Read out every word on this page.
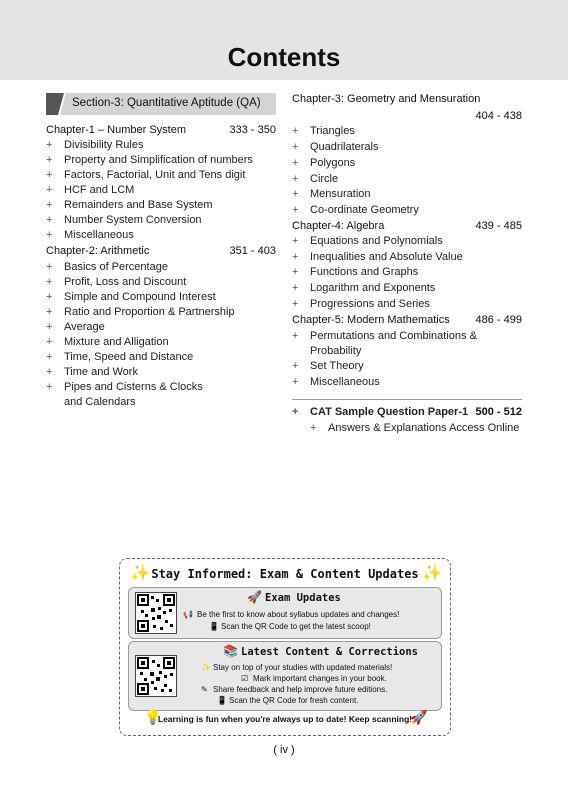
Contents
Section-3: Quantitative Aptitude (QA)
Chapter-1 – Number System	333 - 350
+ Divisibility Rules
+ Property and Simplification of numbers
+ Factors, Factorial, Unit and Tens digit
+ HCF and LCM
+ Remainders and Base System
+ Number System Conversion
+ Miscellaneous
Chapter-2: Arithmetic	351 - 403
+ Basics of Percentage
+ Profit, Loss and Discount
+ Simple and Compound Interest
+ Ratio and Proportion & Partnership
+ Average
+ Mixture and Alligation
+ Time, Speed and Distance
+ Time and Work
+ Pipes and Cisterns & Clocks
and Calendars
Chapter-3: Geometry and Mensuration
404 - 438
+ Triangles
+ Quadrilaterals
+ Polygons
+ Circle
+ Mensuration
+ Co-ordinate Geometry
Chapter-4: Algebra	439 - 485
+ Equations and Polynomials
+ Inequalities and Absolute Value
+ Functions and Graphs
+ Logarithm and Exponents
+ Progressions and Series
Chapter-5: Modern Mathematics	486 - 499
+ Permutations and Combinations &
Probability
+ Set Theory
+ Miscellaneous
+ CAT Sample Question Paper-1 500 - 512
+ Answers & Explanations Access Online
✨	✨
Stay Informed: Exam & Content Updates
🚀 Exam Updates
📢 Be the first to know about syllabus updates and changes!
📱 Scan the QR Code to get the latest scoop!
📚 Latest Content & Corrections
✨ Stay on top of your studies with updated materials!
☑ Mark important changes in your book.
✎ Share feedback and help improve future editions.
📱 Scan the QR Code for fresh content.
💡
Learning is fun when you're always up to date! Keep scanning!
🚀
( iv )
